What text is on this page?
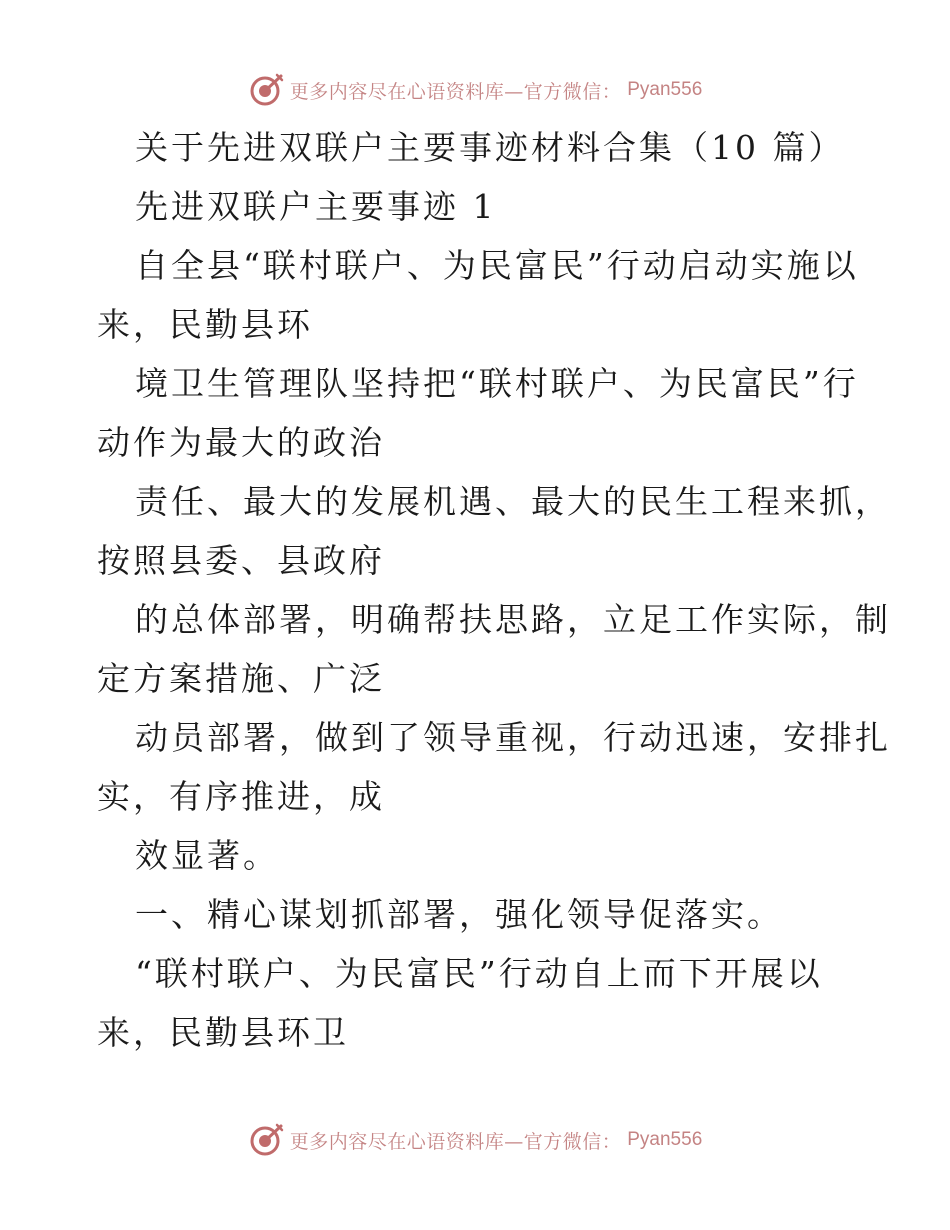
更多内容尽在心语资料库—官方微信： Pyan556
关于先进双联户主要事迹材料合集（10 篇）
先进双联户主要事迹 1
自全县“联村联户、为民富民”行动启动实施以
来，民勤县环
境卫生管理队坚持把“联村联户、为民富民”行
动作为最大的政治
责任、最大的发展机遇、最大的民生工程来抓，
按照县委、县政府
的总体部署，明确帮扶思路，立足工作实际，制
定方案措施、广泛
动员部署，做到了领导重视，行动迅速，安排扎
实，有序推进，成
效显著。
一、精心谋划抓部署，强化领导促落实。
“联村联户、为民富民”行动自上而下开展以
来，民勤县环卫
更多内容尽在心语资料库—官方微信： Pyan556
